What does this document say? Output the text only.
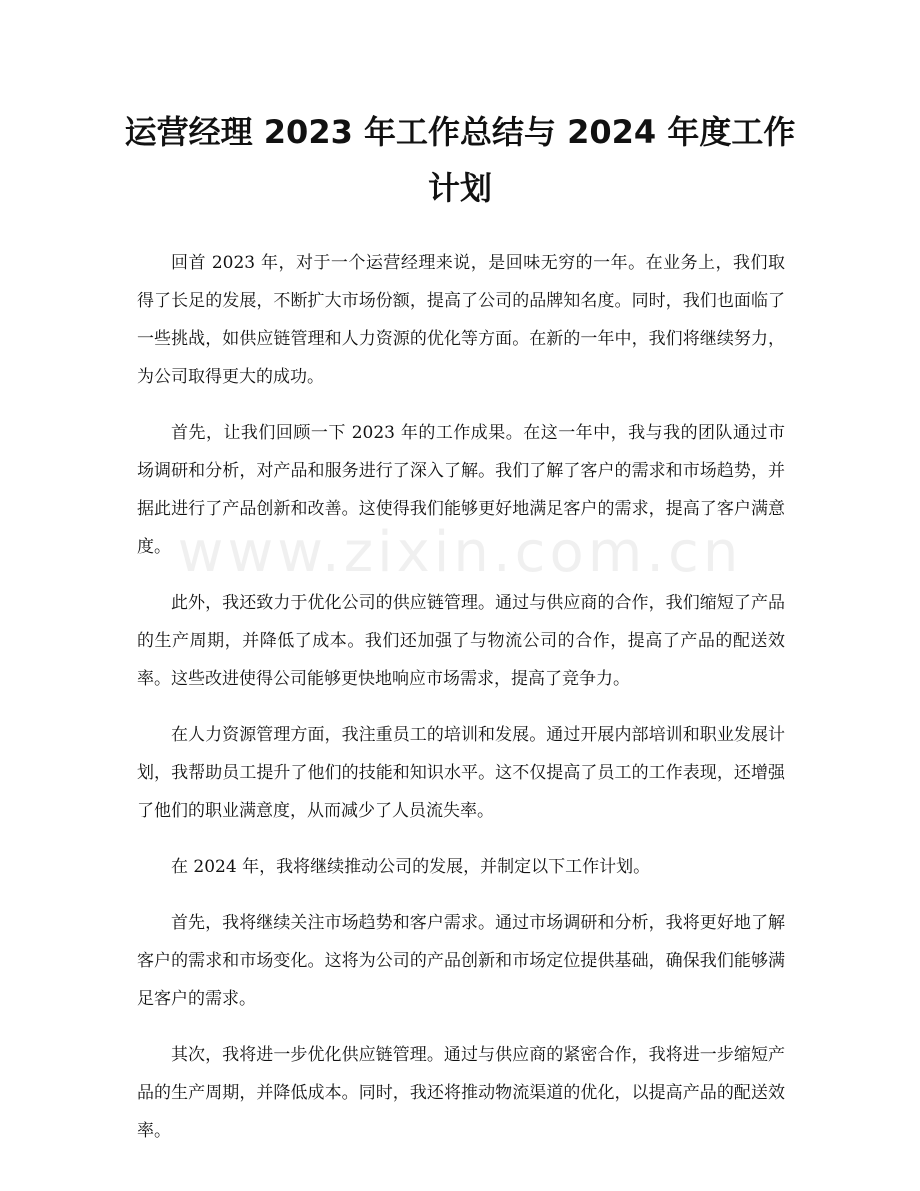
www.zixin.com.cn
运营经理 2023 年工作总结与 2024 年度工作计划

回首 2023 年，对于一个运营经理来说，是回味无穷的一年。在业务上，我们取得了长足的发展，不断扩大市场份额，提高了公司的品牌知名度。同时，我们也面临了一些挑战，如供应链管理和人力资源的优化等方面。在新的一年中，我们将继续努力，为公司取得更大的成功。

首先，让我们回顾一下 2023 年的工作成果。在这一年中，我与我的团队通过市场调研和分析，对产品和服务进行了深入了解。我们了解了客户的需求和市场趋势，并据此进行了产品创新和改善。这使得我们能够更好地满足客户的需求，提高了客户满意度。

此外，我还致力于优化公司的供应链管理。通过与供应商的合作，我们缩短了产品的生产周期，并降低了成本。我们还加强了与物流公司的合作，提高了产品的配送效率。这些改进使得公司能够更快地响应市场需求，提高了竞争力。

在人力资源管理方面，我注重员工的培训和发展。通过开展内部培训和职业发展计划，我帮助员工提升了他们的技能和知识水平。这不仅提高了员工的工作表现，还增强了他们的职业满意度，从而减少了人员流失率。

在 2024 年，我将继续推动公司的发展，并制定以下工作计划。

首先，我将继续关注市场趋势和客户需求。通过市场调研和分析，我将更好地了解客户的需求和市场变化。这将为公司的产品创新和市场定位提供基础，确保我们能够满足客户的需求。

其次，我将进一步优化供应链管理。通过与供应商的紧密合作，我将进一步缩短产品的生产周期，并降低成本。同时，我还将推动物流渠道的优化，以提高产品的配送效率。
